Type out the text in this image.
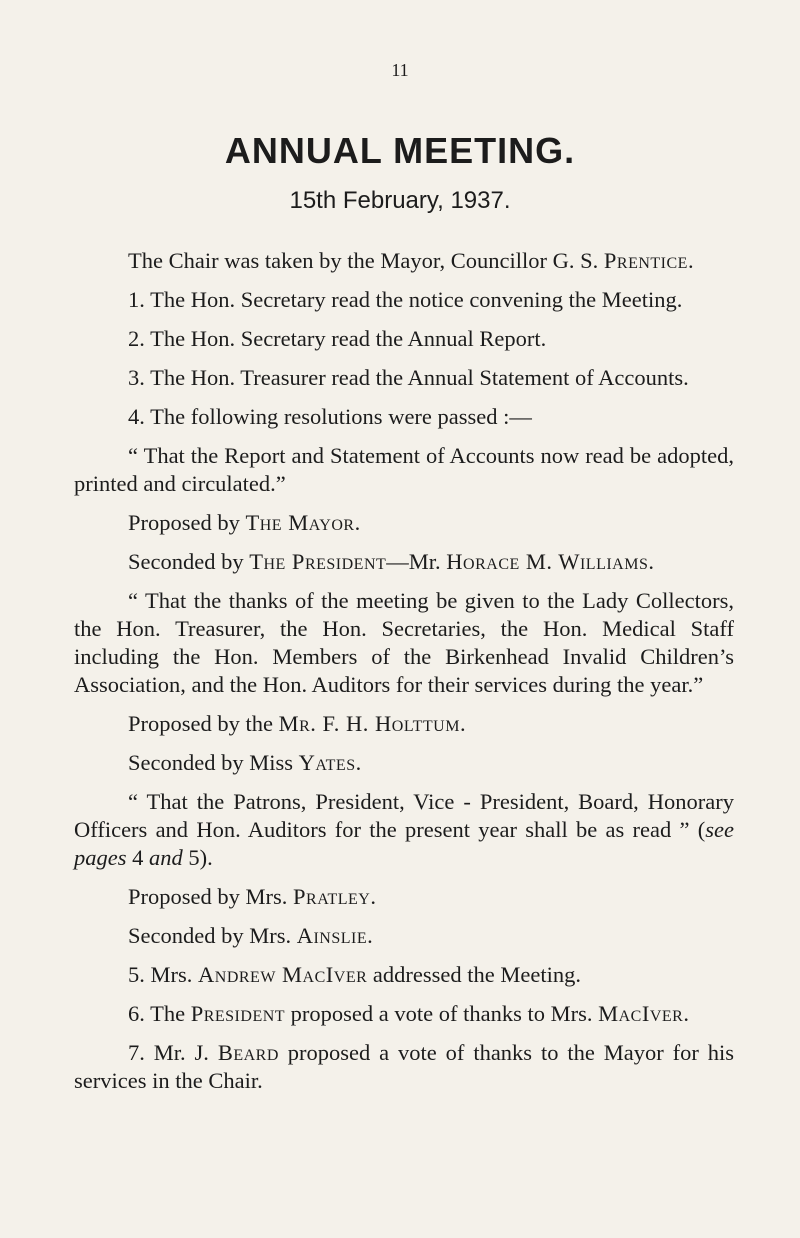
11
ANNUAL MEETING.
15th February, 1937.

The Chair was taken by the Mayor, Councillor G. S. Prentice.

1. The Hon. Secretary read the notice convening the Meeting.

2. The Hon. Secretary read the Annual Report.

3. The Hon. Treasurer read the Annual Statement of Accounts.

4. The following resolutions were passed :—

“ That the Report and Statement of Accounts now read be adopted, printed and circulated.”

Proposed by The Mayor.

Seconded by The President—Mr. Horace M. Williams.

“ That the thanks of the meeting be given to the Lady Collectors, the Hon. Treasurer, the Hon. Secretaries, the Hon. Medical Staff including the Hon. Members of the Birkenhead Invalid Children’s Association, and the Hon. Auditors for their services during the year.”

Proposed by the Mr. F. H. Holttum.

Seconded by Miss Yates.

“ That the Patrons, President, Vice - President, Board, Honorary Officers and Hon. Auditors for the present year shall be as read ” (see pages 4 and 5).

Proposed by Mrs. Pratley.

Seconded by Mrs. Ainslie.

5. Mrs. Andrew MacIver addressed the Meeting.

6. The President proposed a vote of thanks to Mrs. MacIver.

7. Mr. J. Beard proposed a vote of thanks to the Mayor for his services in the Chair.
